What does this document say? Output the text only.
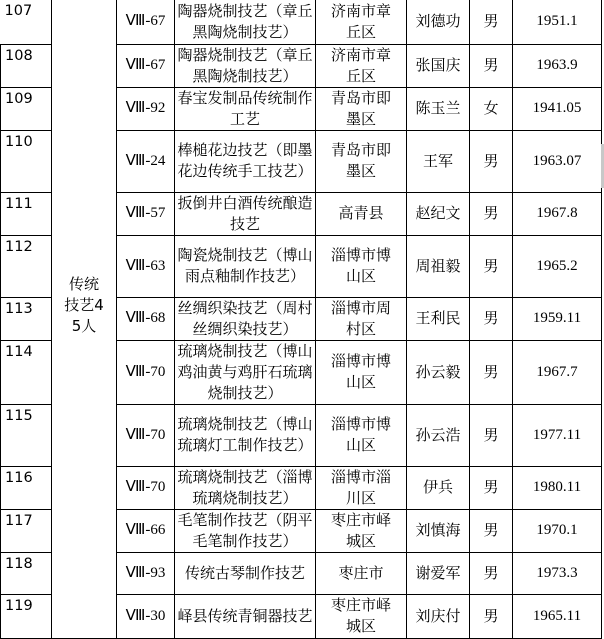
107	传统技艺45人	Ⅷ-67	陶器烧制技艺（章丘黑陶烧制技艺）	济南市章丘区	刘德功	男	1951.1
108		Ⅷ-67	陶器烧制技艺（章丘黑陶烧制技艺）	济南市章丘区	张国庆	男	1963.9
109		Ⅷ-92	春宝发制品传统制作工艺	青岛市即墨区	陈玉兰	女	1941.05
110		Ⅷ-24	棒槌花边技艺（即墨花边传统手工技艺）	青岛市即墨区	王军	男	1963.07
111		Ⅷ-57	扳倒井白酒传统酿造技艺	高青县	赵纪文	男	1967.8
112		Ⅷ-63	陶瓷烧制技艺（博山雨点釉制作技艺）	淄博市博山区	周祖毅	男	1965.2
113		Ⅷ-68	丝绸织染技艺（周村丝绸织染技艺）	淄博市周村区	王利民	男	1959.11
114		Ⅷ-70	琉璃烧制技艺（博山鸡油黄与鸡肝石琉璃烧制技艺）	淄博市博山区	孙云毅	男	1967.7
115		Ⅷ-70	琉璃烧制技艺（博山琉璃灯工制作技艺）	淄博市博山区	孙云浩	男	1977.11
116		Ⅷ-70	琉璃烧制技艺（淄博琉璃烧制技艺）	淄博市淄川区	伊兵	男	1980.11
117		Ⅷ-66	毛笔制作技艺（阴平毛笔制作技艺）	枣庄市峄城区	刘慎海	男	1970.1
118		Ⅷ-93	传统古琴制作技艺	枣庄市	谢爱军	男	1973.3
119		Ⅷ-30	峄县传统青铜器技艺	枣庄市峄城区	刘庆付	男	1965.11
